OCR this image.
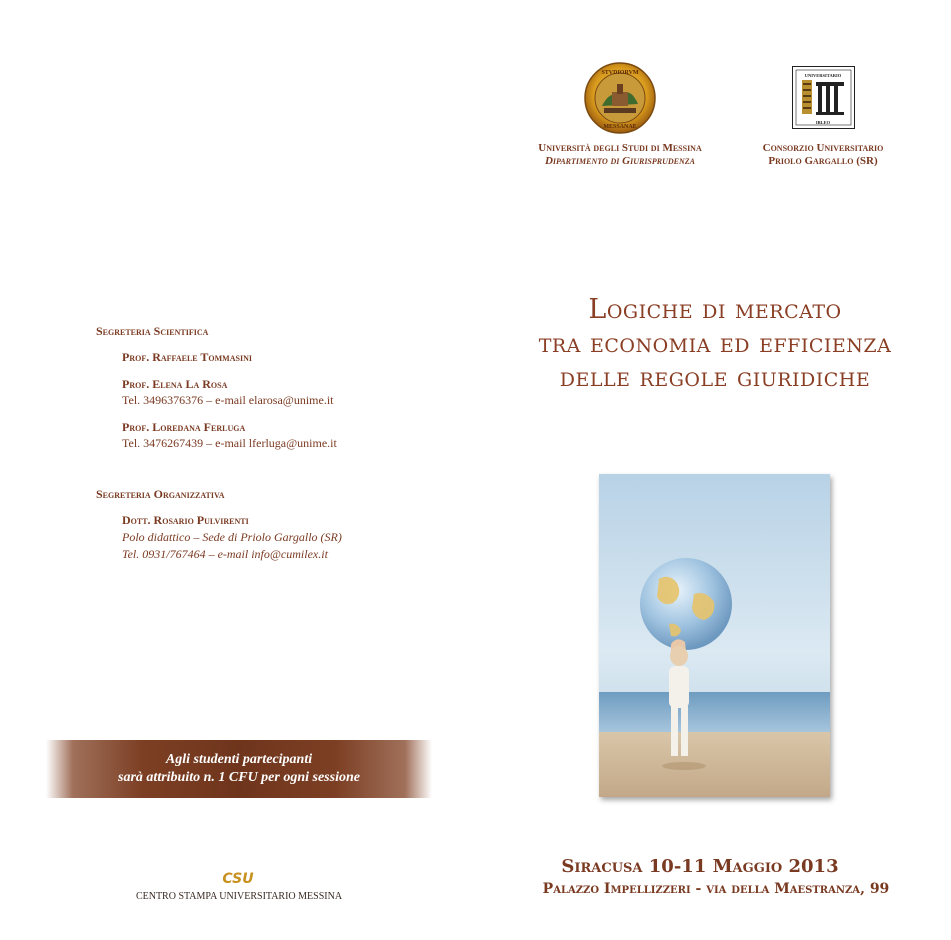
STVDIORVM
MESSANAE
UNIVERSITARIO
IBLEO
Università degli Studi di Messina
Dipartimento di Giurisprudenza
Consorzio Universitario
Priolo Gargallo (SR)
Logiche di mercato
tra economia ed efficienza
delle regole giuridiche
Siracusa 10-11 Maggio 2013
Palazzo Impellizzeri - via della Maestranza, 99
Segreteria Scientifica
Prof. Raffaele Tommasini
Prof. Elena La Rosa
Tel. 3496376376 – e-mail elarosa@unime.it
Prof. Loredana Ferluga
Tel. 3476267439 – e-mail lferluga@unime.it
Segreteria Organizzativa
Dott. Rosario Pulvirenti
Polo didattico – Sede di Priolo Gargallo (SR)
Tel. 0931/767464 – e-mail info@cumilex.it
Agli studenti partecipanti
sarà attribuito n. 1 CFU per ogni sessione
CSU
CENTRO STAMPA UNIVERSITARIO MESSINA
